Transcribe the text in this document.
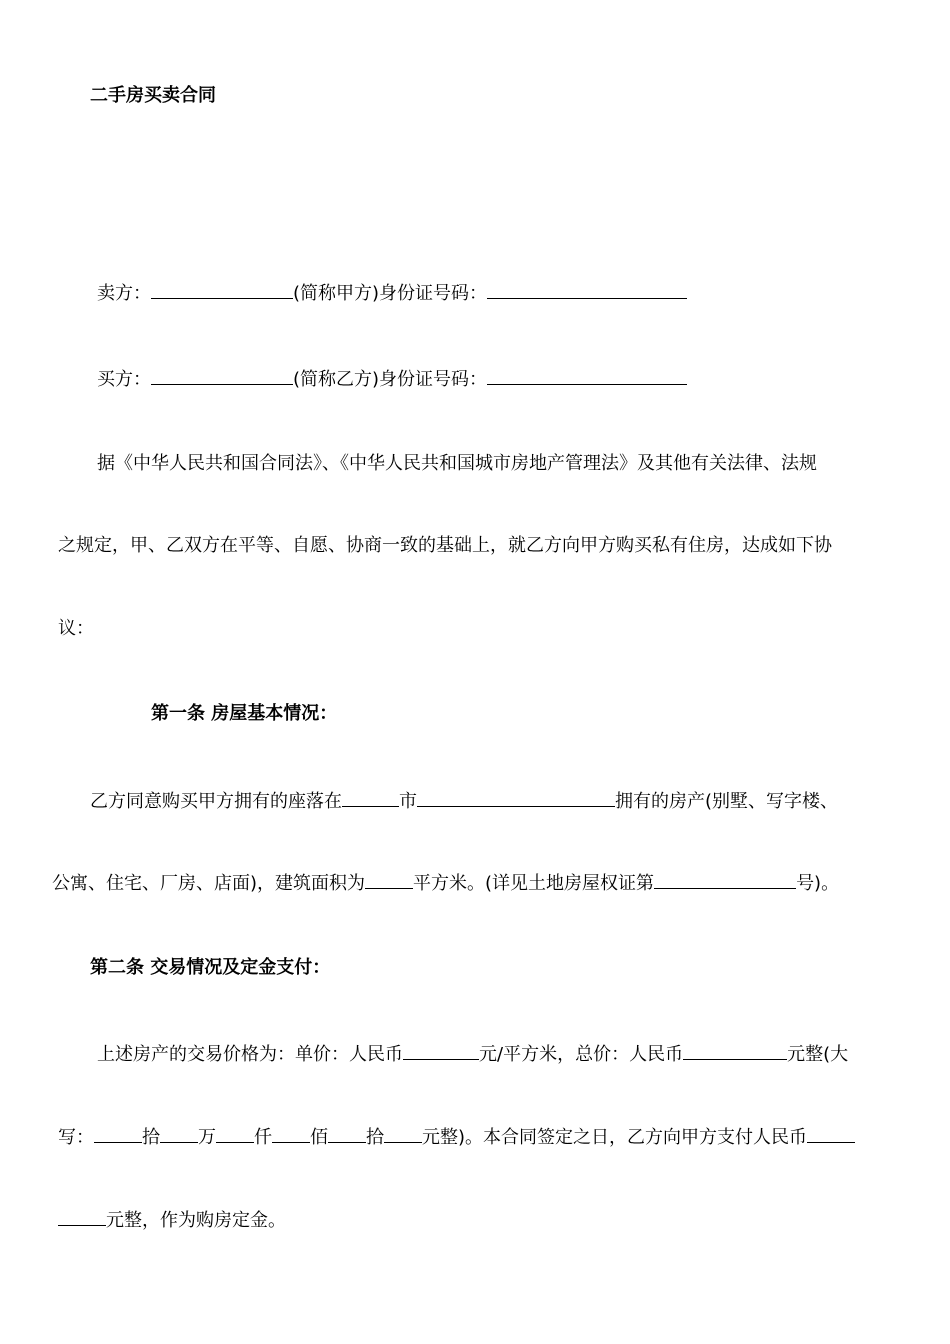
二手房买卖合同
卖方：	(简称甲方)身份证号码：
买方：	(简称乙方)身份证号码：
据《中华人民共和国合同法》、《中华人民共和国城市房地产管理法》及其他有关法律、法规
之规定，甲、乙双方在平等、自愿、协商一致的基础上，就乙方向甲方购买私有住房，达成如下协
议：
第一条 房屋基本情况：
乙方同意购买甲方拥有的座落在	市	拥有的房产(别墅、写字楼、
公寓、住宅、厂房、店面)，建筑面积为	平方米。(详见土地房屋权证第	号)。
第二条 交易情况及定金支付：
上述房产的交易价格为：单价：人民币	元/平方米，总价：人民币	元整(大
写：	拾 万 仟 佰 拾 元整)。本合同签定之日，乙方向甲方支付人民币
元整，作为购房定金。
